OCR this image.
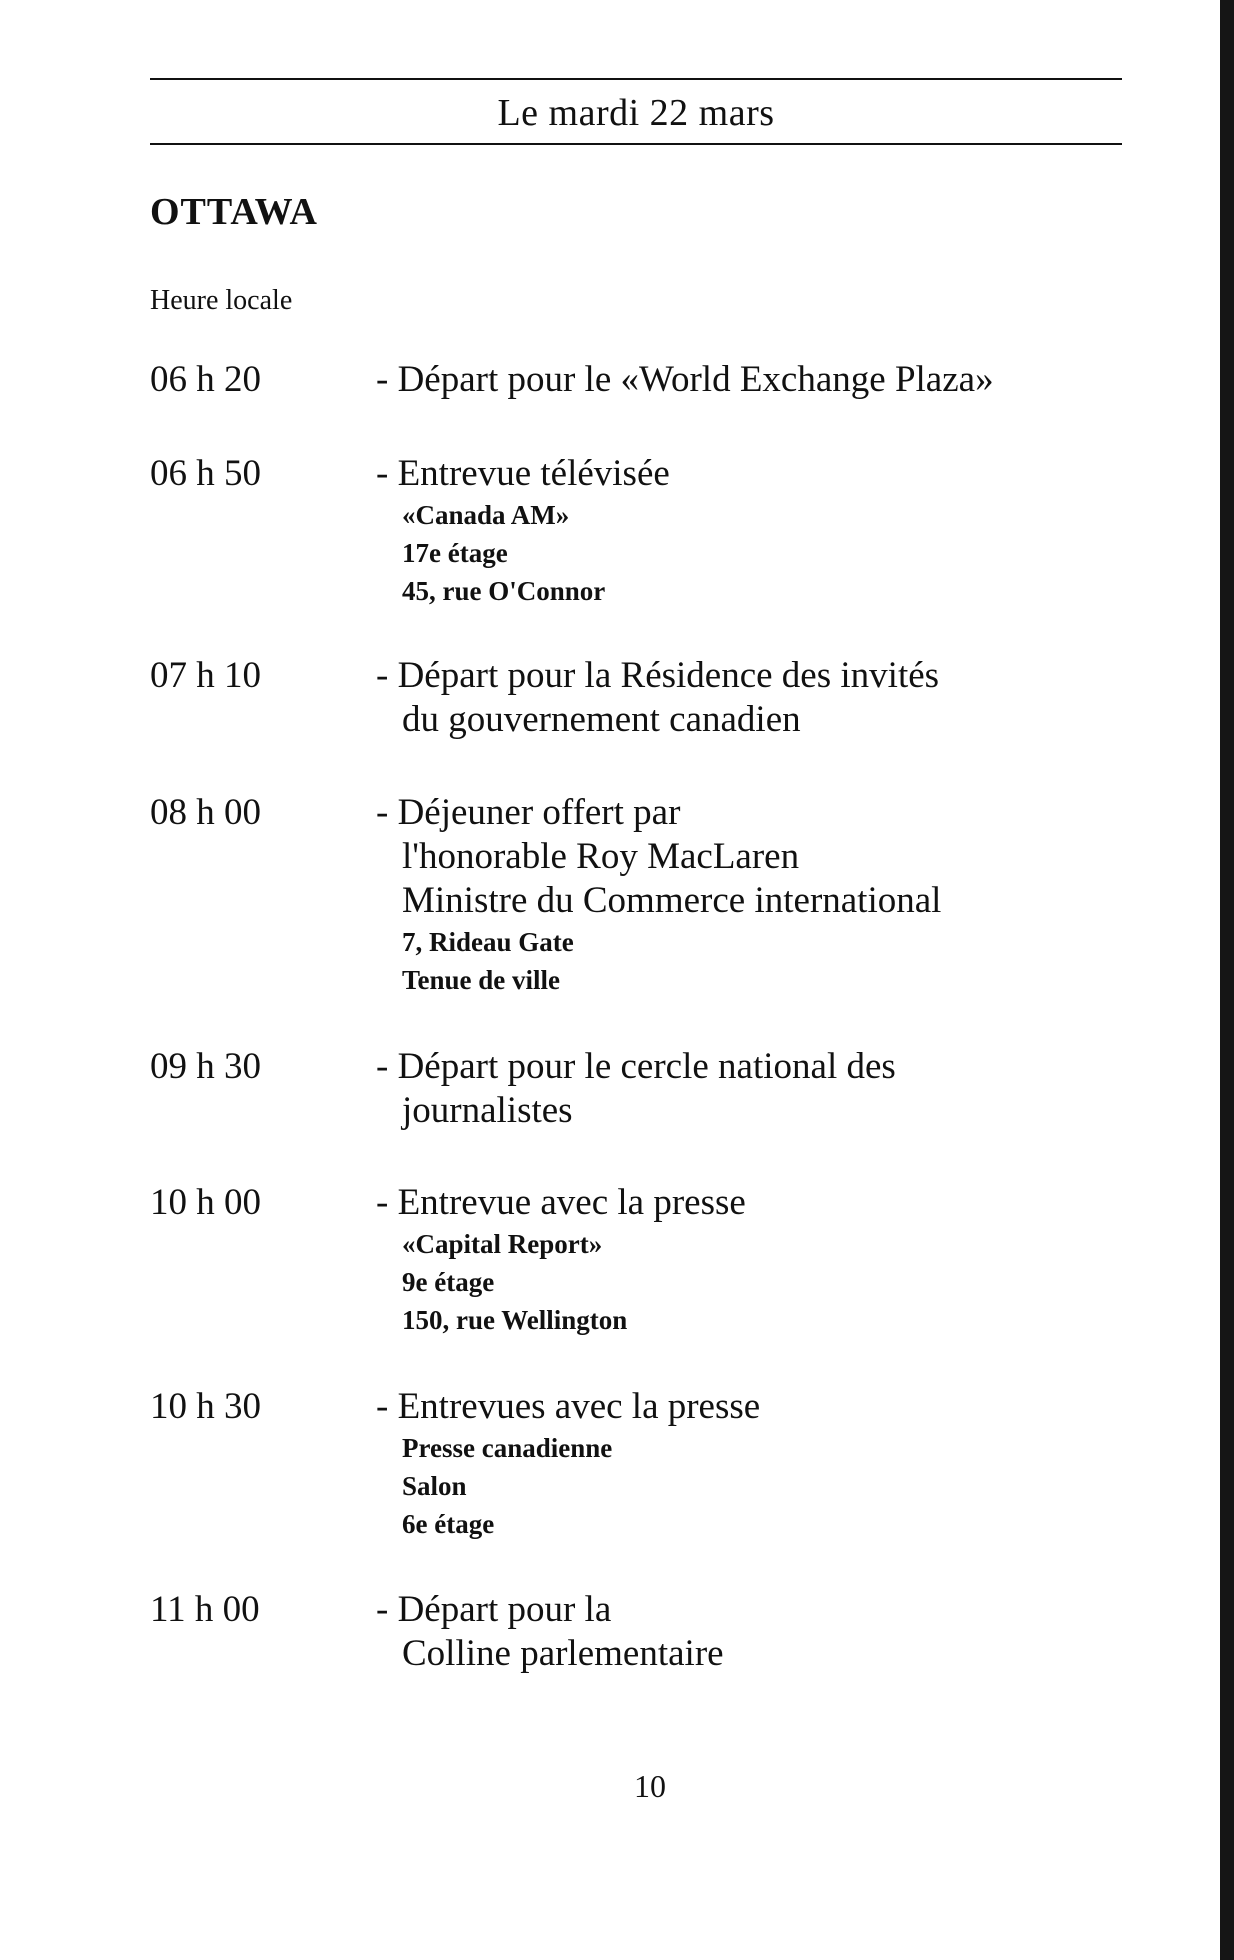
Le mardi 22 mars
OTTAWA
Heure locale
06 h 20	- Départ pour le «World Exchange Plaza»
06 h 50	- Entrevue télévisée
«Canada AM»
17e étage
45, rue O'Connor
07 h 10	- Départ pour la Résidence des invités
du gouvernement canadien
08 h 00	- Déjeuner offert par
l'honorable Roy MacLaren
Ministre du Commerce international
7, Rideau Gate
Tenue de ville
09 h 30	- Départ pour le cercle national des
journalistes
10 h 00	- Entrevue avec la presse
«Capital Report»
9e étage
150, rue Wellington
10 h 30	- Entrevues avec la presse
Presse canadienne
Salon
6e étage
11 h 00	- Départ pour la
Colline parlementaire
10
